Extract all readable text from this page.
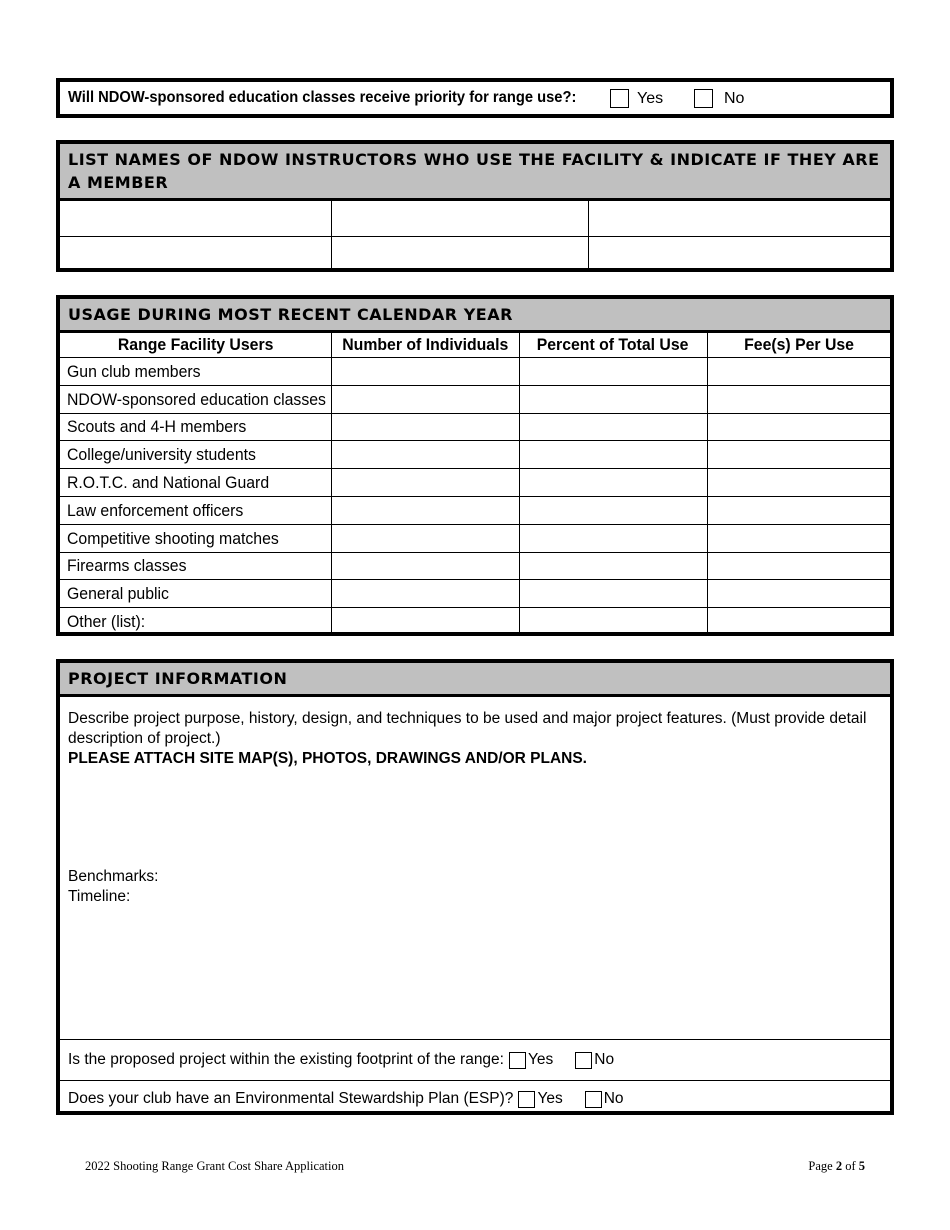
Will NDOW-sponsored education classes receive priority for range use?:	Yes	No
LIST NAMES OF NDOW INSTRUCTORS WHO USE THE FACILITY & INDICATE IF THEY ARE A MEMBER

USAGE DURING MOST RECENT CALENDAR YEAR
Range Facility Users	Number of Individuals	Percent of Total Use	Fee(s) Per Use
Gun club members			
NDOW-sponsored education classes			
Scouts and 4-H members			
College/university students			
R.O.T.C. and National Guard			
Law enforcement officers			
Competitive shooting matches			
Firearms classes			
General public			
Other (list):			
PROJECT INFORMATION
Describe project purpose, history, design, and techniques to be used and major project features. (Must provide detail description of project.)
PLEASE ATTACH SITE MAP(S), PHOTOS, DRAWINGS AND/OR PLANS.
Benchmarks:
Timeline:
Is the proposed project within the existing footprint of the range: Yes	No
Does your club have an Environmental Stewardship Plan (ESP)? Yes	No
2022 Shooting Range Grant Cost Share Application	Page 2 of 5
